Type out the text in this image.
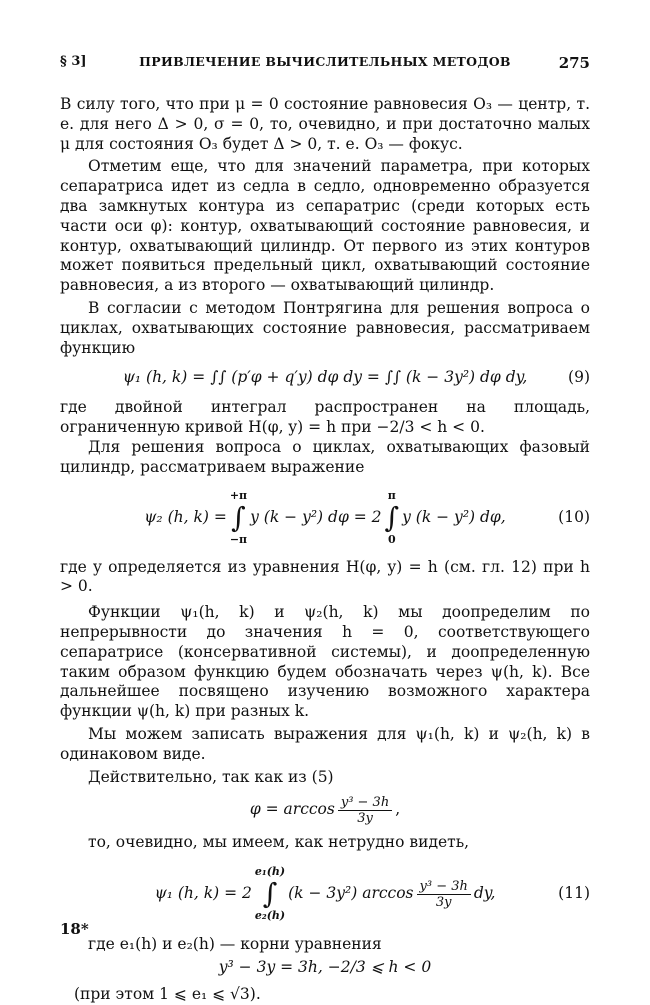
§ 3]	ПРИВЛЕЧЕНИЕ ВЫЧИСЛИТЕЛЬНЫХ МЕТОДОВ	275

В силу того, что при μ = 0 состояние равновесия O₃ — центр, т. е. для него Δ > 0, σ = 0, то, очевидно, и при достаточно малых μ для состояния O₃ будет Δ > 0, т. е. O₃ — фокус.

Отметим еще, что для значений параметра, при которых сепаратриса идет из седла в седло, одновременно образуется два замкнутых контура из сепаратрис (среди которых есть части оси φ): контур, охватывающий состояние равновесия, и контур, охватывающий цилиндр. От первого из этих контуров может появиться предельный цикл, охватывающий состояние равновесия, а из второго — охватывающий цилиндр.

В согласии с методом Понтрягина для решения вопроса о циклах, охватывающих состояние равновесия, рассматриваем функцию

ψ₁ (h, k) = ∫∫ (p′φ + q′y) dφ dy = ∫∫ (k − 3y²) dφ dy,	(9)

где двойной интеграл распространен на площадь, ограниченную кривой H(φ, y) = h при −2/3 < h < 0.

Для решения вопроса о циклах, охватывающих фазовый цилиндр, рассматриваем выражение

ψ₂ (h, k) =
+π
∫
−π
y (k − y²) dφ = 2
π
∫
0
y (k − y²) dφ,	(10)

где y определяется из уравнения H(φ, y) = h (см. гл. 12) при h > 0.

Функции ψ₁(h, k) и ψ₂(h, k) мы доопределим по непрерывности до значения h = 0, соответствующего сепаратрисе (консервативной системы), и доопределенную таким образом функцию будем обозначать через ψ(h, k). Все дальнейшее посвящено изучению возможного характера функции ψ(h, k) при разных k.

Мы можем записать выражения для ψ₁(h, k) и ψ₂(h, k) в одинаковом виде.

Действительно, так как из (5)

$\varphi = \arccos \frac{\text{y³ − 3h}}{3y}$ ,

то, очевидно, мы имеем, как нетрудно видеть,

ψ₁ (h, k) = 2
e₁(h)
∫
e₂(h)
(k − 3y²) $\arccos \frac{\text{y³ − 3h}}{3y}$ dy,	(11)

где e₁(h) и e₂(h) — корни уравнения

y³ − 3y = 3h, −2/3 ⩽ h < 0

(при этом 1 ⩽ e₁ ⩽ √3).

18*
